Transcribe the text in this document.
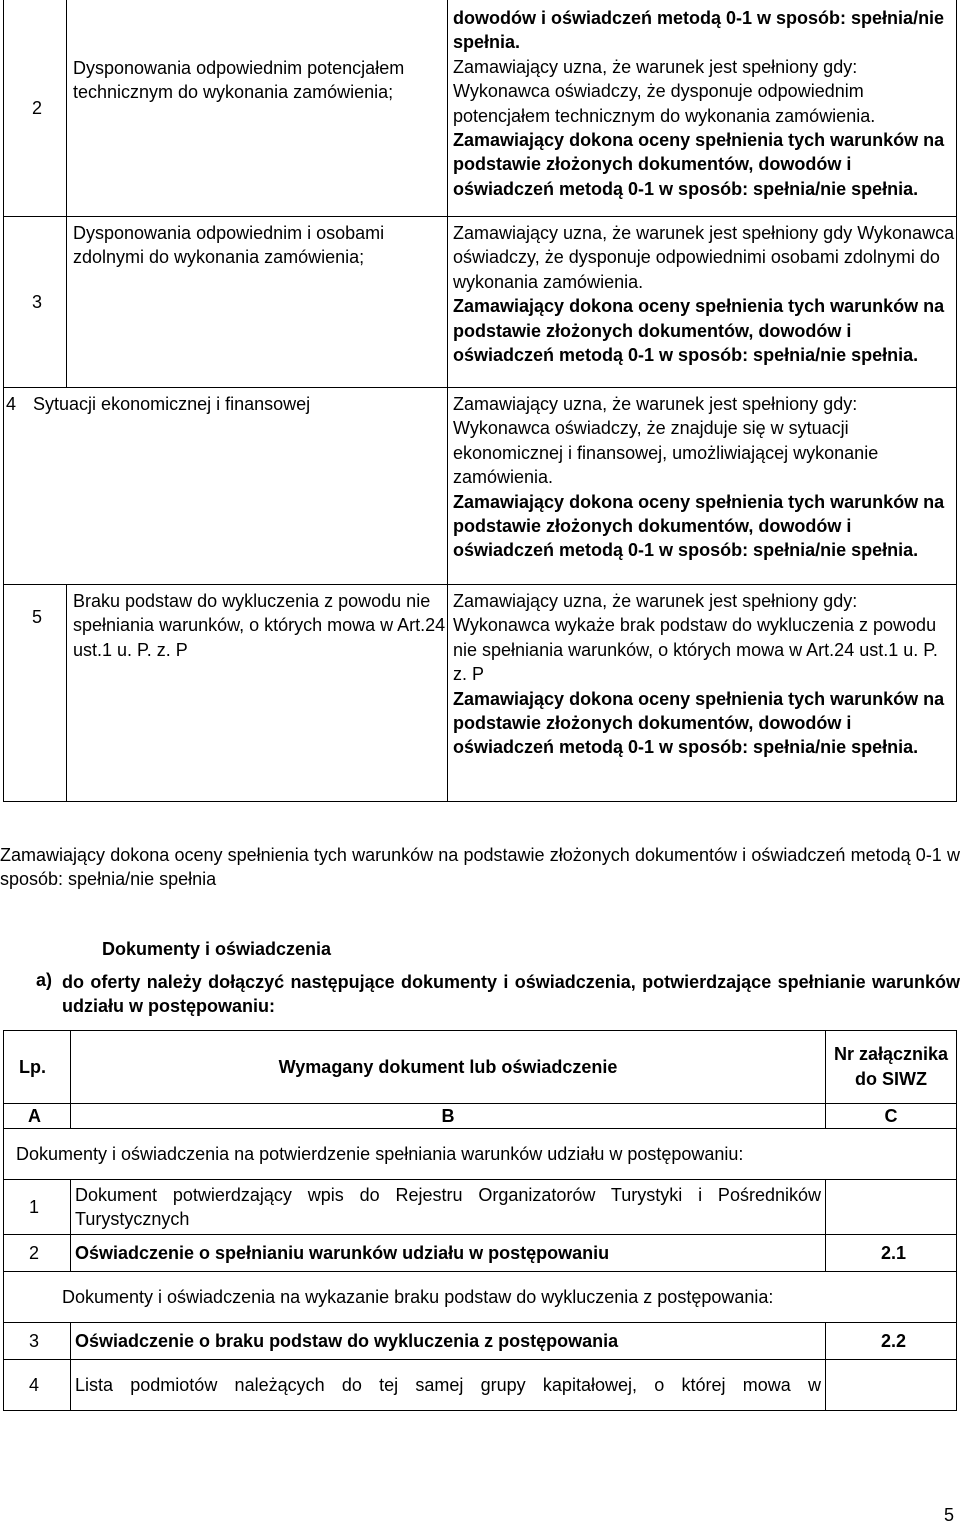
2	Dysponowania odpowiednim potencjałem technicznym do wykonania zamówienia;	dowodów i oświadczeń metodą 0-1 w sposób: spełnia/nie spełnia.
Zamawiający uzna, że warunek jest spełniony gdy: Wykonawca oświadczy, że dysponuje odpowiednim potencjałem technicznym do wykonania zamówienia.
Zamawiający dokona oceny spełnienia tych warunków na podstawie złożonych dokumentów, dowodów i oświadczeń metodą 0-1 w sposób: spełnia/nie spełnia.

3	Dysponowania odpowiednim i osobami zdolnymi do wykonania zamówienia;	Zamawiający uzna, że warunek jest spełniony gdy Wykonawca oświadczy, że dysponuje odpowiednimi osobami zdolnymi do wykonania zamówienia.
Zamawiający dokona oceny spełnienia tych warunków na podstawie złożonych dokumentów, dowodów i oświadczeń metodą 0-1 w sposób: spełnia/nie spełnia.

4 Sytuacji ekonomicznej i finansowej		Zamawiający uzna, że warunek jest spełniony gdy: Wykonawca oświadczy, że znajduje się w sytuacji ekonomicznej i finansowej, umożliwiającej wykonanie zamówienia.
Zamawiający dokona oceny spełnienia tych warunków na podstawie złożonych dokumentów, dowodów i oświadczeń metodą 0-1 w sposób: spełnia/nie spełnia.

5	Braku podstaw do wykluczenia z powodu nie spełniania warunków, o których mowa w Art.24 ust.1 u. P. z. P	Zamawiający uzna, że warunek jest spełniony gdy: Wykonawca wykaże brak podstaw do wykluczenia z powodu nie spełniania warunków, o których mowa w Art.24 ust.1 u. P. z. P
Zamawiający dokona oceny spełnienia tych warunków na podstawie złożonych dokumentów, dowodów i oświadczeń metodą 0-1 w sposób: spełnia/nie spełnia.
Zamawiający dokona oceny spełnienia tych warunków na podstawie złożonych dokumentów i oświadczeń metodą 0-1 w sposób: spełnia/nie spełnia
Dokumenty i oświadczenia
a) do oferty należy dołączyć następujące dokumenty i oświadczenia, potwierdzające spełnianie warunków udziału w postępowaniu:
Lp.	Wymagany dokument lub oświadczenie	Nr załącznika do SIWZ
A	B	C
Dokumenty i oświadczenia na potwierdzenie spełniania warunków udziału w postępowaniu:		
1	Dokument potwierdzający wpis do Rejestru Organizatorów Turystyki i Pośredników Turystycznych	
2	Oświadczenie o spełnianiu warunków udziału w postępowaniu	2.1
Dokumenty i oświadczenia na wykazanie braku podstaw do wykluczenia z postępowania:		
3	Oświadczenie o braku podstaw do wykluczenia z postępowania	2.2
4	Lista podmiotów należących do tej samej grupy kapitałowej, o której mowa w	
5
